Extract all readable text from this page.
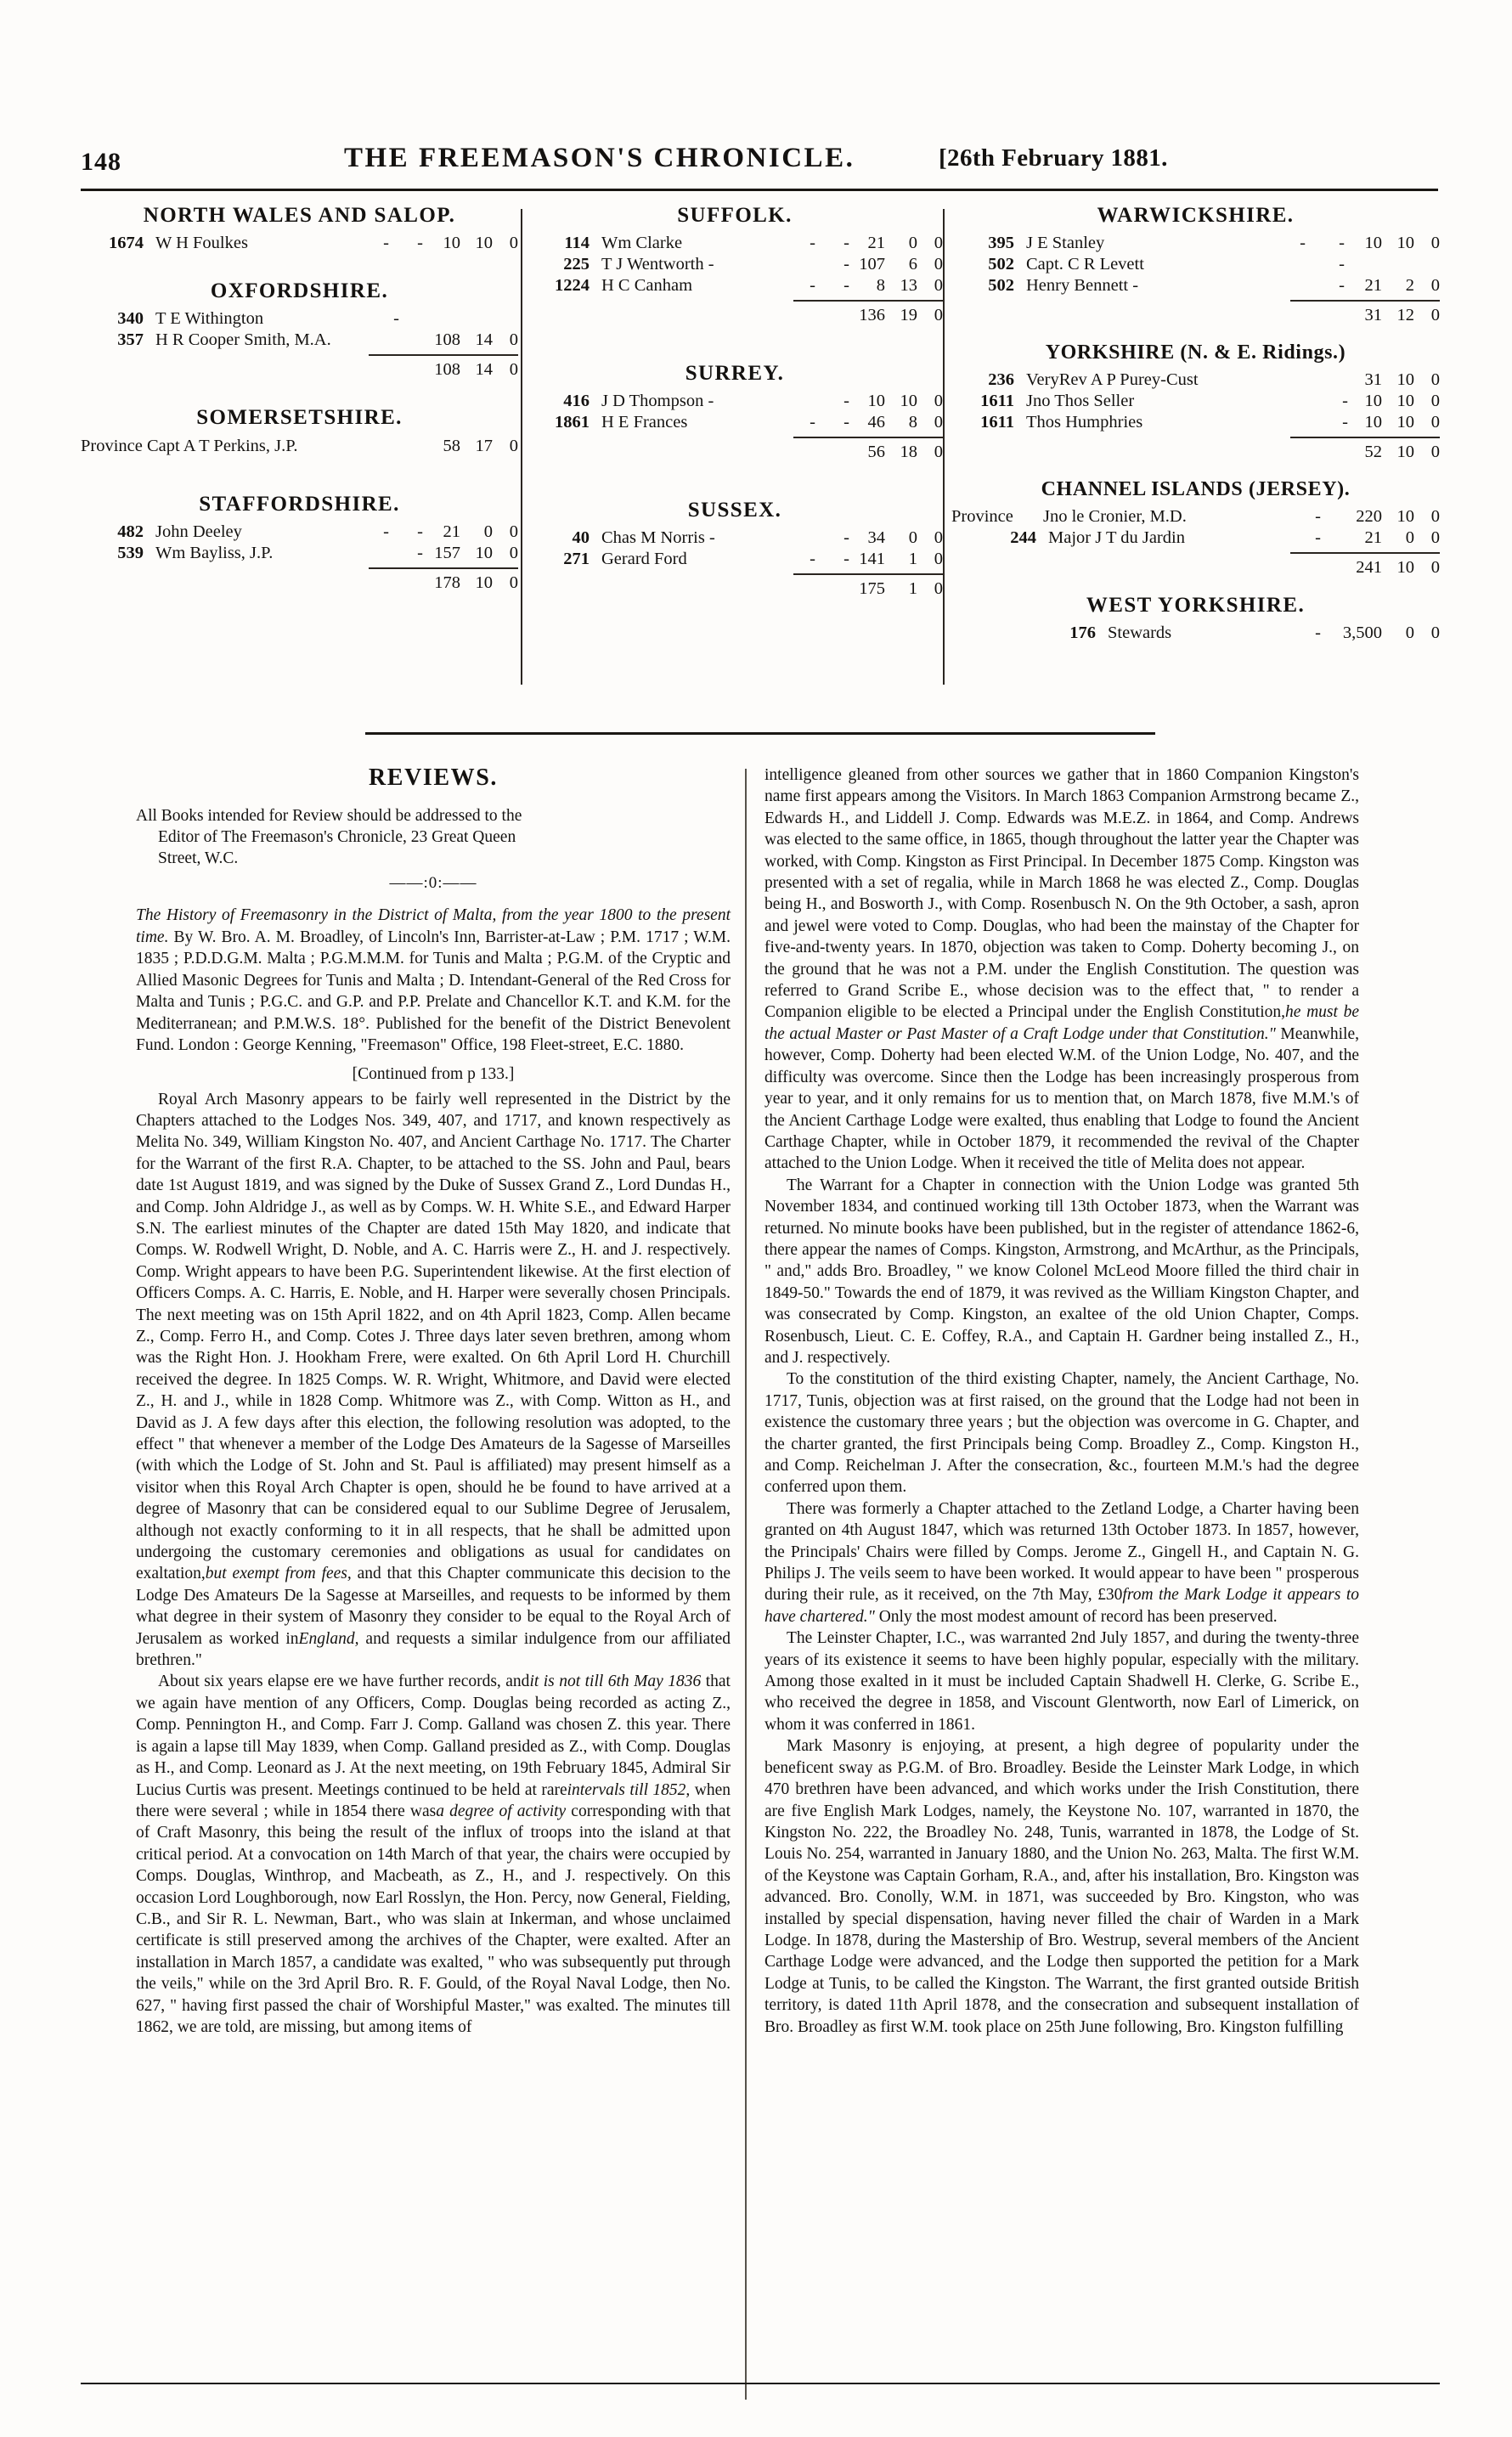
148	THE FREEMASON'S CHRONICLE.	[26th February 1881.
NORTH WALES AND SALOP.
1674 W H Foulkes	-	-	10 10 0
OXFORDSHIRE.
340 T E Withington	-
357 H R Cooper Smith, M.A.	108 14 0
108 14 0
SOMERSETSHIRE.
Province Capt A T Perkins, J.P.	58 17 0
STAFFORDSHIRE.
482 John Deeley	-	-	21	0 0
539 Wm Bayliss, J.P.	- 157 10 0
178 10 0
SUFFOLK.
114 Wm Clarke	-	-	21	0 0
225 T J Wentworth -	- 107	6 0
1224 H C Canham	-	-	8 13 0
136 19 0
SURREY.
416 J D Thompson -	-	10 10 0
1861 H E Frances	-	-	46	8 0
56 18 0
SUSSEX.
40 Chas M Norris -	-	34	0 0
271 Gerard Ford	-	- 141	1 0
175	1 0
WARWICKSHIRE.
395 J E Stanley	-	-	10 10 0
502 Capt. C R Levett	-
502 Henry Bennett -	-	21	2 0
31 12 0
YORKSHIRE (N. & E. Ridings.)
236 VeryRev A P Purey-Cust	31 10 0
1611 Jno Thos Seller	- 10 10 0
1611 Thos Humphries	- 10 10 0
52 10 0
CHANNEL ISLANDS (JERSEY).
Province	Jno le Cronier, M.D.	-	220 10 0
244 Major J T du Jardin	-	21	0 0
241 10 0
WEST YORKSHIRE.
176 Stewards	-	3,500	0 0
REVIEWS.
All Books intended for Review should be addressed to the
Editor of The Freemason's Chronicle, 23 Great Queen
Street, W.C.
——:0:——
The History of Freemasonry in the District of Malta, from the year 1800 to the present time. By W. Bro. A. M. Broadley, of Lincoln's Inn, Barrister-at-Law ; P.M. 1717 ; W.M. 1835 ; P.D.D.G.M. Malta ; P.G.M.M.M. for Tunis and Malta ; P.G.M. of the Cryptic and Allied Masonic Degrees for Tunis and Malta ; D. Intendant-General of the Red Cross for Malta and Tunis ; P.G.C. and G.P. and P.P. Prelate and Chancellor K.T. and K.M. for the Mediterranean; and P.M.W.S. 18°. Published for the benefit of the District Benevolent Fund. London : George Kenning, "Freemason" Office, 198 Fleet-street, E.C. 1880.
[Continued from p 133.]

Royal Arch Masonry appears to be fairly well represented in the District by the Chapters attached to the Lodges Nos. 349, 407, and 1717, and known respectively as Melita No. 349, William Kingston No. 407, and Ancient Carthage No. 1717. The Charter for the Warrant of the first R.A. Chapter, to be attached to the SS. John and Paul, bears date 1st August 1819, and was signed by the Duke of Sussex Grand Z., Lord Dundas H., and Comp. John Aldridge J., as well as by Comps. W. H. White S.E., and Edward Harper S.N. The earliest minutes of the Chapter are dated 15th May 1820, and indicate that Comps. W. Rodwell Wright, D. Noble, and A. C. Harris were Z., H. and J. respectively. Comp. Wright appears to have been P.G. Superintendent likewise. At the first election of Officers Comps. A. C. Harris, E. Noble, and H. Harper were severally chosen Principals. The next meeting was on 15th April 1822, and on 4th April 1823, Comp. Allen became Z., Comp. Ferro H., and Comp. Cotes J. Three days later seven brethren, among whom was the Right Hon. J. Hookham Frere, were exalted. On 6th April Lord H. Churchill received the degree. In 1825 Comps. W. R. Wright, Whitmore, and David were elected Z., H. and J., while in 1828 Comp. Whitmore was Z., with Comp. Witton as H., and David as J. A few days after this election, the following resolution was adopted, to the effect " that whenever a member of the Lodge Des Amateurs de la Sagesse of Marseilles (with which the Lodge of St. John and St. Paul is affiliated) may present himself as a visitor when this Royal Arch Chapter is open, should he be found to have arrived at a degree of Masonry that can be considered equal to our Sublime Degree of Jerusalem, although not exactly conforming to it in all respects, that he shall be admitted upon undergoing the customary ceremonies and obligations as usual for candidates on exaltation,but exempt from fees, and that this Chapter communicate this decision to the Lodge Des Amateurs De la Sagesse at Marseilles, and requests to be informed by them what degree in their system of Masonry they consider to be equal to the Royal Arch of Jerusalem as worked inEngland, and requests a similar indulgence from our affiliated brethren."

About six years elapse ere we have further records, andit is not till 6th May 1836 that we again have mention of any Officers, Comp. Douglas being recorded as acting Z., Comp. Pennington H., and Comp. Farr J. Comp. Galland was chosen Z. this year. There is again a lapse till May 1839, when Comp. Galland presided as Z., with Comp. Douglas as H., and Comp. Leonard as J. At the next meeting, on 19th February 1845, Admiral Sir Lucius Curtis was present. Meetings continued to be held at rareintervals till 1852, when there were several ; while in 1854 there wasa degree of activity corresponding with that of Craft Masonry, this being the result of the influx of troops into the island at that critical period. At a convocation on 14th March of that year, the chairs were occupied by Comps. Douglas, Winthrop, and Macbeath, as Z., H., and J. respectively. On this occasion Lord Loughborough, now Earl Rosslyn, the Hon. Percy, now General, Fielding, C.B., and Sir R. L. Newman, Bart., who was slain at Inkerman, and whose unclaimed certificate is still preserved among the archives of the Chapter, were exalted. After an installation in March 1857, a candidate was exalted, " who was subsequently put through the veils," while on the 3rd April Bro. R. F. Gould, of the Royal Naval Lodge, then No. 627, " having first passed the chair of Worshipful Master," was exalted. The minutes till 1862, we are told, are missing, but among items of

intelligence gleaned from other sources we gather that in 1860 Companion Kingston's name first appears among the Visitors. In March 1863 Companion Armstrong became Z., Edwards H., and Liddell J. Comp. Edwards was M.E.Z. in 1864, and Comp. Andrews was elected to the same office, in 1865, though throughout the latter year the Chapter was worked, with Comp. Kingston as First Principal. In December 1875 Comp. Kingston was presented with a set of regalia, while in March 1868 he was elected Z., Comp. Douglas being H., and Bosworth J., with Comp. Rosenbusch N. On the 9th October, a sash, apron and jewel were voted to Comp. Douglas, who had been the mainstay of the Chapter for five-and-twenty years. In 1870, objection was taken to Comp. Doherty becoming J., on the ground that he was not a P.M. under the English Constitution. The question was referred to Grand Scribe E., whose decision was to the effect that, " to render a Companion eligible to be elected a Principal under the English Constitution,he must be the actual Master or Past Master of a Craft Lodge under that Constitution." Meanwhile, however, Comp. Doherty had been elected W.M. of the Union Lodge, No. 407, and the difficulty was overcome. Since then the Lodge has been increasingly prosperous from year to year, and it only remains for us to mention that, on March 1878, five M.M.'s of the Ancient Carthage Lodge were exalted, thus enabling that Lodge to found the Ancient Carthage Chapter, while in October 1879, it recommended the revival of the Chapter attached to the Union Lodge. When it received the title of Melita does not appear.

The Warrant for a Chapter in connection with the Union Lodge was granted 5th November 1834, and continued working till 13th October 1873, when the Warrant was returned. No minute books have been published, but in the register of attendance 1862-6, there appear the names of Comps. Kingston, Armstrong, and McArthur, as the Principals, " and," adds Bro. Broadley, " we know Colonel McLeod Moore filled the third chair in 1849-50." Towards the end of 1879, it was revived as the William Kingston Chapter, and was consecrated by Comp. Kingston, an exaltee of the old Union Chapter, Comps. Rosenbusch, Lieut. C. E. Coffey, R.A., and Captain H. Gardner being installed Z., H., and J. respectively.

To the constitution of the third existing Chapter, namely, the Ancient Carthage, No. 1717, Tunis, objection was at first raised, on the ground that the Lodge had not been in existence the customary three years ; but the objection was overcome in G. Chapter, and the charter granted, the first Principals being Comp. Broadley Z., Comp. Kingston H., and Comp. Reichelman J. After the consecration, &c., fourteen M.M.'s had the degree conferred upon them.

There was formerly a Chapter attached to the Zetland Lodge, a Charter having been granted on 4th August 1847, which was returned 13th October 1873. In 1857, however, the Principals' Chairs were filled by Comps. Jerome Z., Gingell H., and Captain N. G. Philips J. The veils seem to have been worked. It would appear to have been " prosperous during their rule, as it received, on the 7th May, £30from the Mark Lodge it appears to have chartered." Only the most modest amount of record has been preserved.

The Leinster Chapter, I.C., was warranted 2nd July 1857, and during the twenty-three years of its existence it seems to have been highly popular, especially with the military. Among those exalted in it must be included Captain Shadwell H. Clerke, G. Scribe E., who received the degree in 1858, and Viscount Glentworth, now Earl of Limerick, on whom it was conferred in 1861.

Mark Masonry is enjoying, at present, a high degree of popularity under the beneficent sway as P.G.M. of Bro. Broadley. Beside the Leinster Mark Lodge, in which 470 brethren have been advanced, and which works under the Irish Constitution, there are five English Mark Lodges, namely, the Keystone No. 107, warranted in 1870, the Kingston No. 222, the Broadley No. 248, Tunis, warranted in 1878, the Lodge of St. Louis No. 254, warranted in January 1880, and the Union No. 263, Malta. The first W.M. of the Keystone was Captain Gorham, R.A., and, after his installation, Bro. Kingston was advanced. Bro. Conolly, W.M. in 1871, was succeeded by Bro. Kingston, who was installed by special dispensation, having never filled the chair of Warden in a Mark Lodge. In 1878, during the Mastership of Bro. Westrup, several members of the Ancient Carthage Lodge were advanced, and the Lodge then supported the petition for a Mark Lodge at Tunis, to be called the Kingston. The Warrant, the first granted outside British territory, is dated 11th April 1878, and the consecration and subsequent installation of Bro. Broadley as first W.M. took place on 25th June following, Bro. Kingston fulfilling
